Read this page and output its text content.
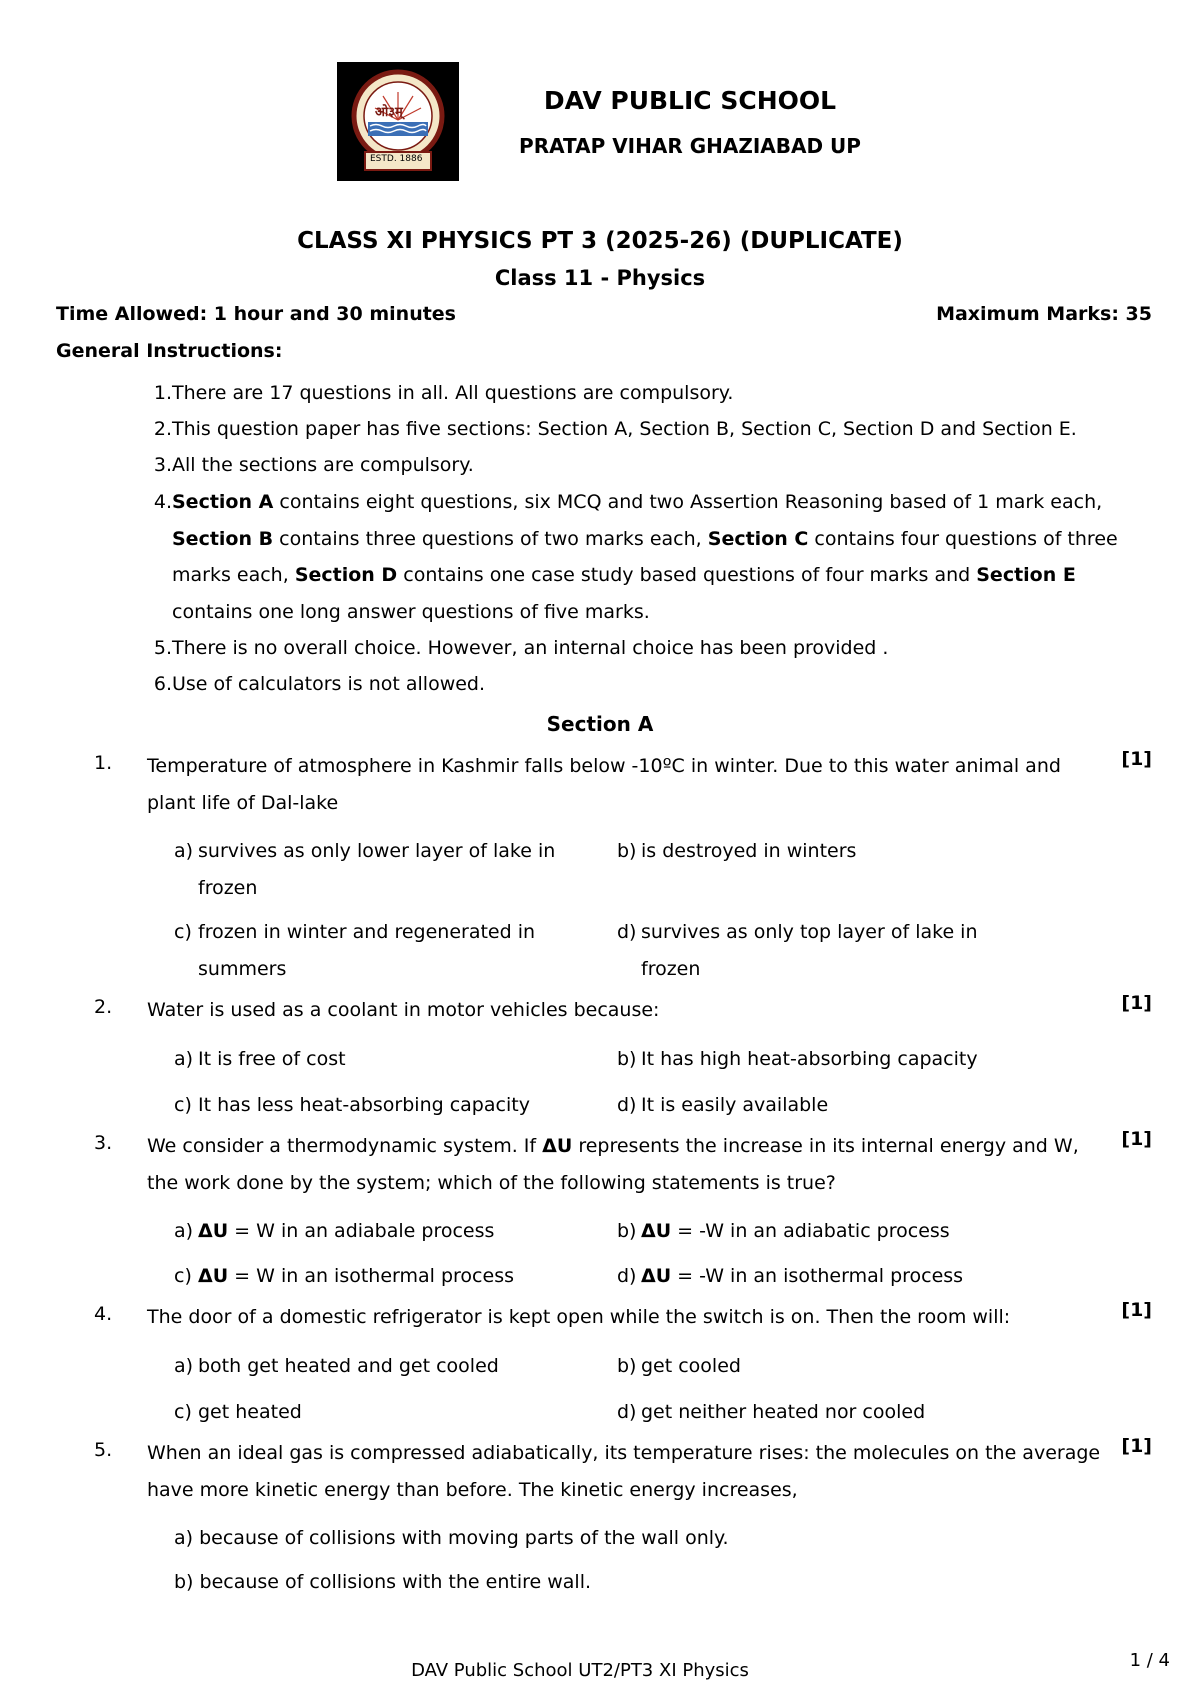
ओ३म्
ESTD. 1886
DAV PUBLIC SCHOOL
PRATAP VIHAR GHAZIABAD UP
CLASS XI PHYSICS PT 3 (2025-26) (DUPLICATE)
Class 11 - Physics
Time Allowed: 1 hour and 30 minutes	Maximum Marks: 35
General Instructions:
1. There are 17 questions in all. All questions are compulsory.
2. This question paper has five sections: Section A, Section B, Section C, Section D and Section E.
3. All the sections are compulsory.
4. Section A contains eight questions, six MCQ and two Assertion Reasoning based of 1 mark each, Section B contains three questions of two marks each, Section C contains four questions of three marks each, Section D contains one case study based questions of four marks and Section E contains one long answer questions of five marks.
5. There is no overall choice. However, an internal choice has been provided .
6. Use of calculators is not allowed.
Section A
1.	Temperature of atmosphere in Kashmir falls below -10ºC in winter. Due to this water animal and plant life of Dal-lake
[1]
a) survives as only lower layer of lake in frozen
b) is destroyed in winters
c) frozen in winter and regenerated in summers
d) survives as only top layer of lake in frozen
2.	Water is used as a coolant in motor vehicles because:	[1]
a) It is free of cost	b) It has high heat-absorbing capacity
c) It has less heat-absorbing capacity	d) It is easily available
3.	We consider a thermodynamic system. If ΔU represents the increase in its internal energy and W, the work done by the system; which of the following statements is true?
[1]
a) ΔU = W in an adiabale process	b) ΔU = -W in an adiabatic process
c) ΔU = W in an isothermal process	d) ΔU = -W in an isothermal process
4.	The door of a domestic refrigerator is kept open while the switch is on. Then the room will:	[1]
a) both get heated and get cooled	b) get cooled
c) get heated	d) get neither heated nor cooled
5.	When an ideal gas is compressed adiabatically, its temperature rises: the molecules on the average have more kinetic energy than before. The kinetic energy increases,
[1]
a) because of collisions with moving parts of the wall only.
b) because of collisions with the entire wall.
DAV Public School UT2/PT3 XI Physics	1 / 4
